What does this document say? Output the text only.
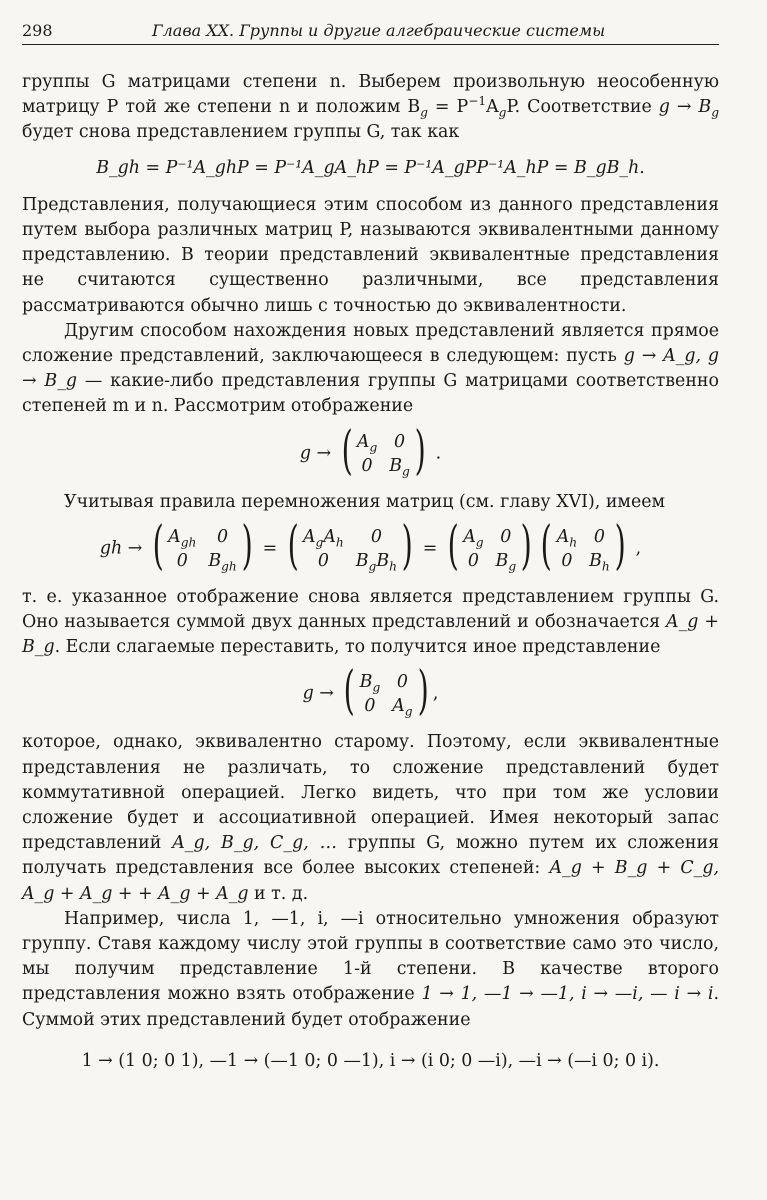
298	Глава XX. Группы и другие алгебраические системы

группы G матрицами степени n. Выберем произвольную неособенную матрицу P той же степени n и положим $B_g = P^{-1}A_gP$. Соответствие $g \to B_g$ будет снова представлением группы G, так как

B_gh = P⁻¹A_ghP = P⁻¹A_gA_hP = P⁻¹A_gPP⁻¹A_hP = B_gB_h.

Представления, получающиеся этим способом из данного представления путем выбора различных матриц P, называются эквивалентными данному представлению. В теории представлений эквивалентные представления не считаются существенно различными, все представления рассматриваются обычно лишь с точностью до эквивалентности.

Другим способом нахождения новых представлений является прямое сложение представлений, заключающееся в следующем: пусть g → A_g, g → B_g — какие-либо представления группы G матрицами соответственно степеней m и n. Рассмотрим отображение

g → ( $A_g$ 0
0 $B_g$ ) .

Учитывая правила перемножения матриц (см. главу XVI), имеем

gh → ( $A_{gh}$	0
0	$B_{gh}$ ) = ( $A_gA_h$	0
0	$B_gB_h$ ) = ( $A_g$ 0
0 $B_g$ ) ( $A_h$ 0
0 $B_h$ ) ,

т. е. указанное отображение снова является представлением группы G. Оно называется суммой двух данных представлений и обозначается A_g + B_g. Если слагаемые переставить, то получится иное представление

g → ( $B_g$ 0
0 $A_g$ ) ,

которое, однако, эквивалентно старому. Поэтому, если эквивалентные представления не различать, то сложение представлений будет коммутативной операцией. Легко видеть, что при том же условии сложение будет и ассоциативной операцией. Имея некоторый запас представлений A_g, B_g, C_g, … группы G, можно путем их сложения получать представления все более высоких степеней: A_g + B_g + C_g, A_g + A_g + + A_g + A_g и т. д.

Например, числа 1, —1, i, —i относительно умножения образуют группу. Ставя каждому числу этой группы в соответствие само это число, мы получим представление 1-й степени. В качестве второго представления можно взять отображение 1 → 1, —1 → —1, i → —i, — i → i. Суммой этих представлений будет отображение

1 → (1 0; 0 1), —1 → (—1 0; 0 —1), i → (i 0; 0 —i), —i → (—i 0; 0 i).
